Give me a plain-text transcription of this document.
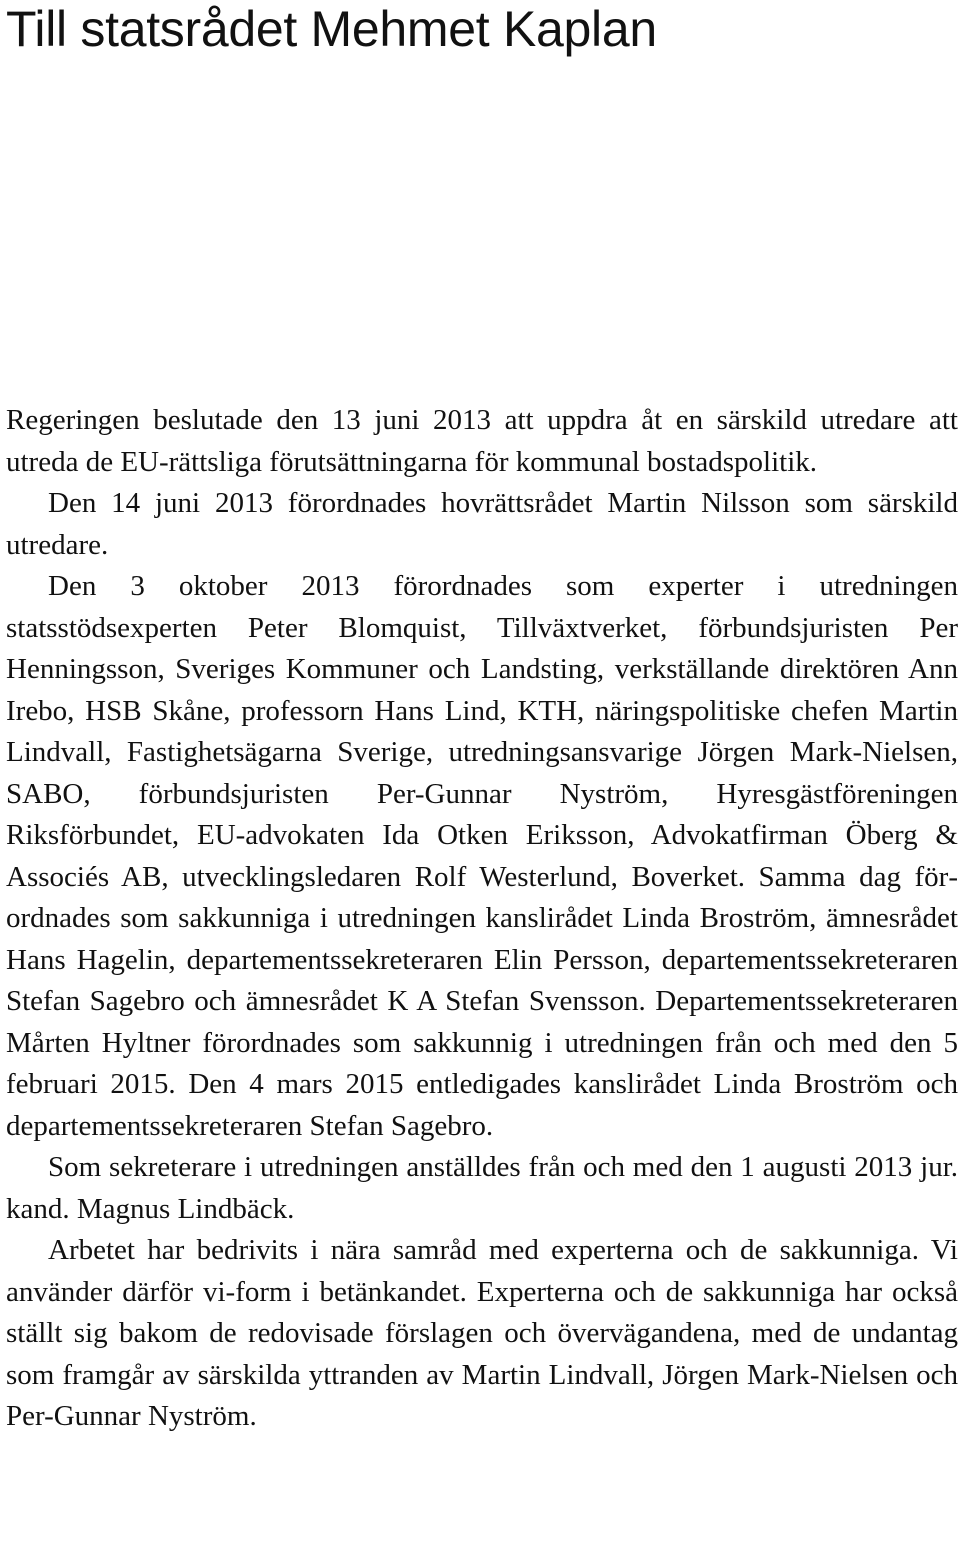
Till statsrådet Mehmet Kaplan

Regeringen beslutade den 13 juni 2013 att uppdra åt en särskild utredare att utreda de EU-rättsliga förutsättningarna för kommunal bostadspolitik.

Den 14 juni 2013 förordnades hovrättsrådet Martin Nilsson som särskild utredare.

Den 3 oktober 2013 förordnades som experter i utredningen statsstödsexperten Peter Blomquist, Tillväxtverket, förbundsjuristen Per Henningsson, Sveriges Kommuner och Landsting, verkställande direktören Ann Irebo, HSB Skåne, professorn Hans Lind, KTH, näringspolitiske chefen Martin Lindvall, Fastighetsägarna Sverige, utredningsansvarige Jörgen Mark-Nielsen, SABO, förbundsjuristen Per-Gunnar Nyström, Hyresgästföreningen Riksförbundet, EU-advokaten Ida Otken Eriksson, Advokatfirman Öberg & Associés AB, utvecklingsledaren Rolf Westerlund, Boverket. Samma dag förordnades som sakkunniga i utredningen kanslirådet Linda Broström, ämnesrådet Hans Hagelin, departementssekreteraren Elin Persson, departementssekreteraren Stefan Sagebro och ämnesrådet K A Stefan Svensson. Departementssekreteraren Mårten Hyltner förordnades som sakkunnig i utredningen från och med den 5 februari 2015. Den 4 mars 2015 entledigades kanslirådet Linda Broström och departementssekreteraren Stefan Sagebro.

Som sekreterare i utredningen anställdes från och med den 1 augusti 2013 jur. kand. Magnus Lindbäck.

Arbetet har bedrivits i nära samråd med experterna och de sakkunniga. Vi använder därför vi-form i betänkandet. Experterna och de sakkunniga har också ställt sig bakom de redovisade förslagen och övervägandena, med de undantag som framgår av särskilda yttranden av Martin Lindvall, Jörgen Mark-Nielsen och Per-Gunnar Nyström.
